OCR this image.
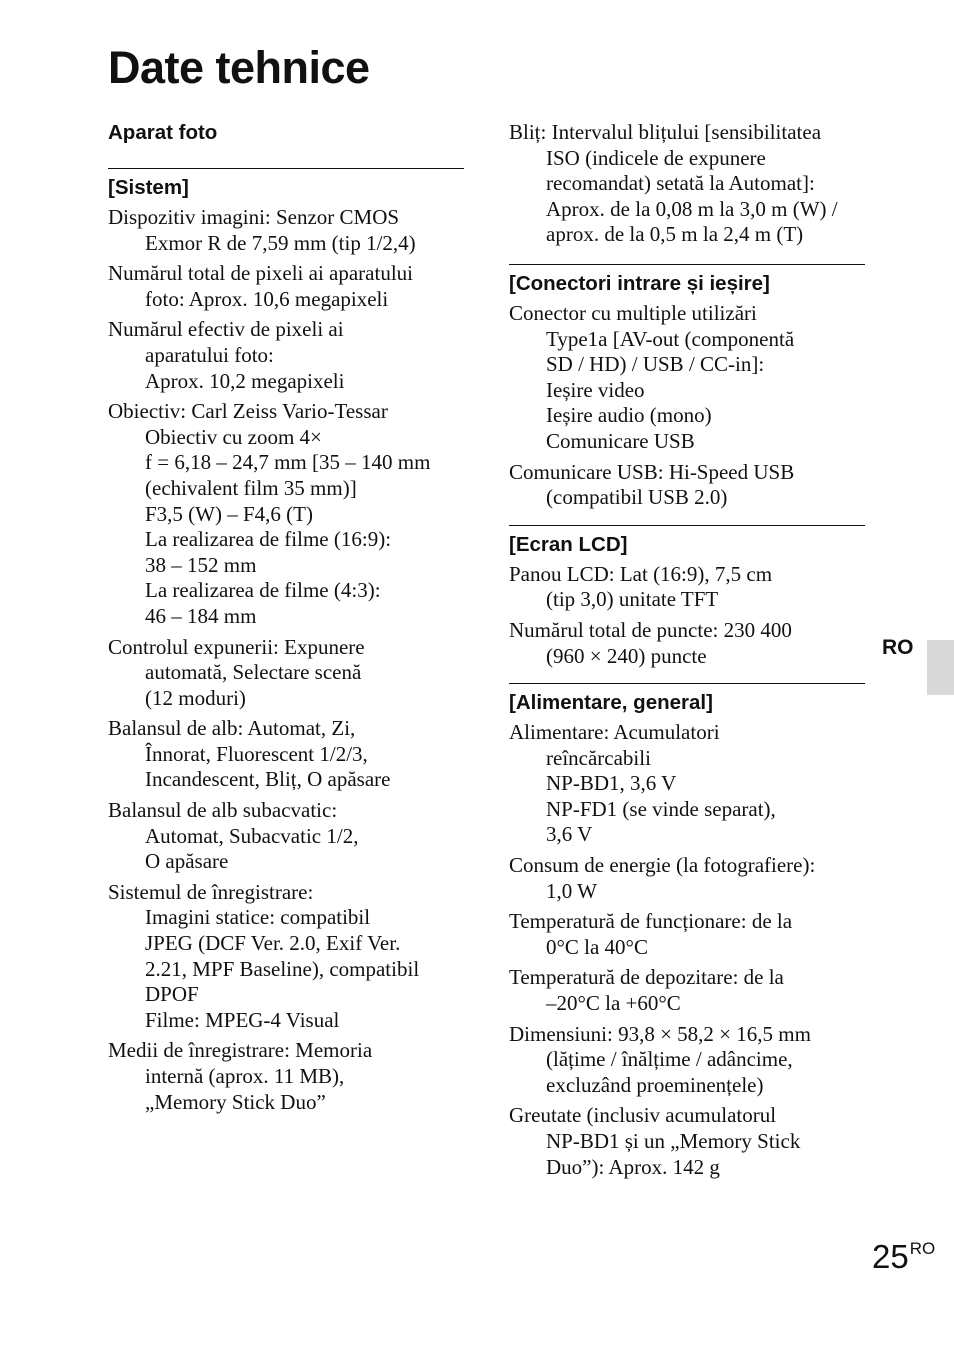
Date tehnice
Aparat foto
[Sistem]
Dispozitiv imagini: Senzor CMOS
Exmor R de 7,59 mm (tip 1/2,4)
Numărul total de pixeli ai aparatului
foto: Aprox. 10,6 megapixeli
Numărul efectiv de pixeli ai
aparatului foto:
Aprox. 10,2 megapixeli
Obiectiv: Carl Zeiss Vario-Tessar
Obiectiv cu zoom 4×
f = 6,18 – 24,7 mm [35 – 140 mm
(echivalent film 35 mm)]
F3,5 (W) – F4,6 (T)
La realizarea de filme (16:9):
38 – 152 mm
La realizarea de filme (4:3):
46 – 184 mm
Controlul expunerii: Expunere
automată, Selectare scenă
(12 moduri)
Balansul de alb: Automat, Zi,
Înnorat, Fluorescent 1/2/3,
Incandescent, Bliț, O apăsare
Balansul de alb subacvatic:
Automat, Subacvatic 1/2,
O apăsare
Sistemul de înregistrare:
Imagini statice: compatibil
JPEG (DCF Ver. 2.0, Exif Ver.
2.21, MPF Baseline), compatibil
DPOF
Filme: MPEG-4 Visual
Medii de înregistrare: Memoria
internă (aprox. 11 MB),
„Memory Stick Duo”
Bliț: Intervalul blițului [sensibilitatea
ISO (indicele de expunere
recomandat) setată la Automat]:
Aprox. de la 0,08 m la 3,0 m (W) /
aprox. de la 0,5 m la 2,4 m (T)
[Conectori intrare și ieșire]
Conector cu multiple utilizări
Type1a [AV-out (componentă
SD / HD) / USB / CC-in]:
Ieșire video
Ieșire audio (mono)
Comunicare USB
Comunicare USB: Hi-Speed USB
(compatibil USB 2.0)
[Ecran LCD]
Panou LCD: Lat (16:9), 7,5 cm
(tip 3,0) unitate TFT
Numărul total de puncte: 230 400
(960 × 240) puncte
[Alimentare, general]
Alimentare: Acumulatori
reîncărcabili
NP-BD1, 3,6 V
NP-FD1 (se vinde separat),
3,6 V
Consum de energie (la fotografiere):
1,0 W
Temperatură de funcționare: de la
0°C la 40°C
Temperatură de depozitare: de la
–20°C la +60°C
Dimensiuni: 93,8 × 58,2 × 16,5 mm
(lățime / înălțime / adâncime,
excluzând proeminențele)
Greutate (inclusiv acumulatorul
NP-BD1 și un „Memory Stick
Duo”): Aprox. 142 g
RO
$25^{RO}$
